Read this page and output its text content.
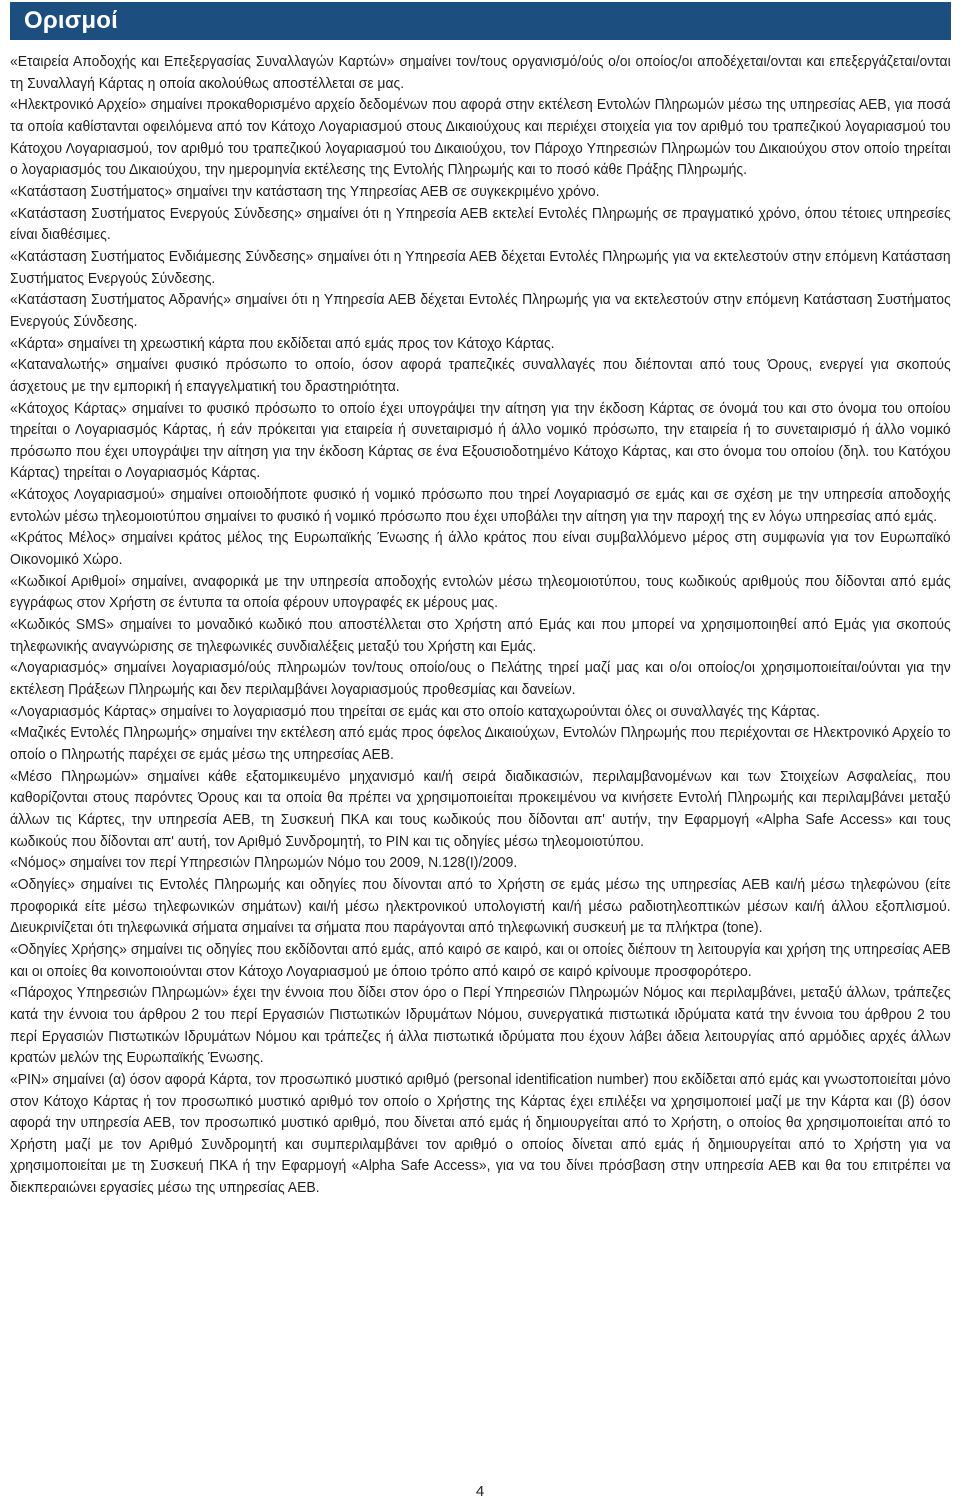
Ορισμοί

«Εταιρεία Αποδοχής και Επεξεργασίας Συναλλαγών Καρτών» σημαίνει τον/τους οργανισμό/ούς ο/οι οποίος/οι αποδέχεται/ονται και επεξεργάζεται/ονται τη Συναλλαγή Κάρτας η οποία ακολούθως αποστέλλεται σε μας.

«Ηλεκτρονικό Αρχείο» σημαίνει προκαθορισμένο αρχείο δεδομένων που αφορά στην εκτέλεση Εντολών Πληρωμών μέσω της υπηρεσίας ΑΕΒ, για ποσά τα οποία καθίστανται οφειλόμενα από τον Κάτοχο Λογαριασμού στους Δικαιούχους και περιέχει στοιχεία για τον αριθμό του τραπεζικού λογαριασμού του Κάτοχου Λογαριασμού, τον αριθμό του τραπεζικού λογαριασμού του Δικαιούχου, τον Πάροχο Υπηρεσιών Πληρωμών του Δικαιούχου στον οποίο τηρείται ο λογαριασμός του Δικαιούχου, την ημερομηνία εκτέλεσης της Εντολής Πληρωμής και το ποσό κάθε Πράξης Πληρωμής.

«Κατάσταση Συστήματος» σημαίνει την κατάσταση της Υπηρεσίας ΑΕΒ σε συγκεκριμένο χρόνο.

«Κατάσταση Συστήματος Ενεργούς Σύνδεσης» σημαίνει ότι η Υπηρεσία ΑΕΒ εκτελεί Εντολές Πληρωμής σε πραγματικό χρόνο, όπου τέτοιες υπηρεσίες είναι διαθέσιμες.

«Κατάσταση Συστήματος Ενδιάμεσης Σύνδεσης» σημαίνει ότι η Υπηρεσία ΑΕΒ δέχεται Εντολές Πληρωμής για να εκτελεστούν στην επόμενη Κατάσταση Συστήματος Ενεργούς Σύνδεσης.

«Κατάσταση Συστήματος Αδρανής» σημαίνει ότι η Υπηρεσία ΑΕΒ δέχεται Εντολές Πληρωμής για να εκτελεστούν στην επόμενη Κατάσταση Συστήματος Ενεργούς Σύνδεσης.

«Κάρτα» σημαίνει τη χρεωστική κάρτα που εκδίδεται από εμάς προς τον Κάτοχο Κάρτας.

«Καταναλωτής» σημαίνει φυσικό πρόσωπο το οποίο, όσον αφορά τραπεζικές συναλλαγές που διέπονται από τους Όρους, ενεργεί για σκοπούς άσχετους με την εμπορική ή επαγγελματική του δραστηριότητα.

«Κάτοχος Κάρτας» σημαίνει το φυσικό πρόσωπο το οποίο έχει υπογράψει την αίτηση για την έκδοση Κάρτας σε όνομά του και στο όνομα του οποίου τηρείται ο Λογαριασμός Κάρτας, ή εάν πρόκειται για εταιρεία ή συνεταιρισμό ή άλλο νομικό πρόσωπο, την εταιρεία ή το συνεταιρισμό ή άλλο νομικό πρόσωπο που έχει υπογράψει την αίτηση για την έκδοση Κάρτας σε ένα Εξουσιοδοτημένο Κάτοχο Κάρτας, και στο όνομα του οποίου (δηλ. του Κατόχου Κάρτας) τηρείται ο Λογαριασμός Κάρτας.

«Κάτοχος Λογαριασμού» σημαίνει οποιοδήποτε φυσικό ή νομικό πρόσωπο που τηρεί Λογαριασμό σε εμάς και σε σχέση με την υπηρεσία αποδοχής εντολών μέσω τηλεομοιοτύπου σημαίνει το φυσικό ή νομικό πρόσωπο που έχει υποβάλει την αίτηση για την παροχή της εν λόγω υπηρεσίας από εμάς.

«Κράτος Μέλος» σημαίνει κράτος μέλος της Ευρωπαϊκής Ένωσης ή άλλο κράτος που είναι συμβαλλόμενο μέρος στη συμφωνία για τον Ευρωπαϊκό Οικονομικό Χώρο.

«Κωδικοί Αριθμοί» σημαίνει, αναφορικά με την υπηρεσία αποδοχής εντολών μέσω τηλεομοιοτύπου, τους κωδικούς αριθμούς που δίδονται από εμάς εγγράφως στον Χρήστη σε έντυπα τα οποία φέρουν υπογραφές εκ μέρους μας.

«Κωδικός SMS» σημαίνει το μοναδικό κωδικό που αποστέλλεται στο Χρήστη από Εμάς και που μπορεί να χρησιμοποιηθεί από Εμάς για σκοπούς τηλεφωνικής αναγνώρισης σε τηλεφωνικές συνδιαλέξεις μεταξύ του Χρήστη και Εμάς.

«Λογαριασμός» σημαίνει λογαριασμό/ούς πληρωμών τον/τους οποίο/ους ο Πελάτης τηρεί μαζί μας και ο/οι οποίος/οι χρησιμοποιείται/ούνται για την εκτέλεση Πράξεων Πληρωμής και δεν περιλαμβάνει λογαριασμούς προθεσμίας και δανείων.

«Λογαριασμός Κάρτας» σημαίνει το λογαριασμό που τηρείται σε εμάς και στο οποίο καταχωρούνται όλες οι συναλλαγές της Κάρτας.

«Μαζικές Εντολές Πληρωμής» σημαίνει την εκτέλεση από εμάς προς όφελος Δικαιούχων, Εντολών Πληρωμής που περιέχονται σε Ηλεκτρονικό Αρχείο το οποίο ο Πληρωτής παρέχει σε εμάς μέσω της υπηρεσίας ΑΕΒ.

«Μέσο Πληρωμών» σημαίνει κάθε εξατομικευμένο μηχανισμό και/ή σειρά διαδικασιών, περιλαμβανομένων και των Στοιχείων Ασφαλείας, που καθορίζονται στους παρόντες Όρους και τα οποία θα πρέπει να χρησιμοποιείται προκειμένου να κινήσετε Εντολή Πληρωμής και περιλαμβάνει μεταξύ άλλων τις Κάρτες, την υπηρεσία ΑΕΒ, τη Συσκευή ΠΚΑ και τους κωδικούς που δίδονται απ' αυτήν, την Εφαρμογή «Alpha Safe Access» και τους κωδικούς που δίδονται απ' αυτή, τον Αριθμό Συνδρομητή, το PIN και τις οδηγίες μέσω τηλεομοιοτύπου.

«Νόμος» σημαίνει τον περί Υπηρεσιών Πληρωμών Νόμο του 2009, Ν.128(Ι)/2009.

«Οδηγίες» σημαίνει τις Εντολές Πληρωμής και οδηγίες που δίνονται από το Χρήστη σε εμάς μέσω της υπηρεσίας ΑΕΒ και/ή μέσω τηλεφώνου (είτε προφορικά είτε μέσω τηλεφωνικών σημάτων) και/ή μέσω ηλεκτρονικού υπολογιστή και/ή μέσω ραδιοτηλεοπτικών μέσων και/ή άλλου εξοπλισμού. Διευκρινίζεται ότι τηλεφωνικά σήματα σημαίνει τα σήματα που παράγονται από τηλεφωνική συσκευή με τα πλήκτρα (tone).

«Οδηγίες Χρήσης» σημαίνει τις οδηγίες που εκδίδονται από εμάς, από καιρό σε καιρό, και οι οποίες διέπουν τη λειτουργία και χρήση της υπηρεσίας ΑΕΒ και οι οποίες θα κοινοποιούνται στον Κάτοχο Λογαριασμού με όποιο τρόπο από καιρό σε καιρό κρίνουμε προσφορότερο.

«Πάροχος Υπηρεσιών Πληρωμών» έχει την έννοια που δίδει στον όρο ο Περί Υπηρεσιών Πληρωμών Νόμος και περιλαμβάνει, μεταξύ άλλων, τράπεζες κατά την έννοια του άρθρου 2 του περί Εργασιών Πιστωτικών Ιδρυμάτων Νόμου, συνεργατικά πιστωτικά ιδρύματα κατά την έννοια του άρθρου 2 του περί Εργασιών Πιστωτικών Ιδρυμάτων Νόμου και τράπεζες ή άλλα πιστωτικά ιδρύματα που έχουν λάβει άδεια λειτουργίας από αρμόδιες αρχές άλλων κρατών μελών της Ευρωπαϊκής Ένωσης.

«PIN» σημαίνει (α) όσον αφορά Κάρτα, τον προσωπικό μυστικό αριθμό (personal identification number) που εκδίδεται από εμάς και γνωστοποιείται μόνο στον Κάτοχο Κάρτας ή τον προσωπικό μυστικό αριθμό τον οποίο ο Χρήστης της Κάρτας έχει επιλέξει να χρησιμοποιεί μαζί με την Κάρτα και (β) όσον αφορά την υπηρεσία ΑΕΒ, τον προσωπικό μυστικό αριθμό, που δίνεται από εμάς ή δημιουργείται από το Χρήστη, ο οποίος θα χρησιμοποιείται από το Χρήστη μαζί με τον Αριθμό Συνδρομητή και συμπεριλαμβάνει τον αριθμό ο οποίος δίνεται από εμάς ή δημιουργείται από το Χρήστη για να χρησιμοποιείται με τη Συσκευή ΠΚΑ ή την Εφαρμογή «Alpha Safe Access», για να του δίνει πρόσβαση στην υπηρεσία ΑΕΒ και θα του επιτρέπει να διεκπεραιώνει εργασίες μέσω της υπηρεσίας ΑΕΒ.

4
